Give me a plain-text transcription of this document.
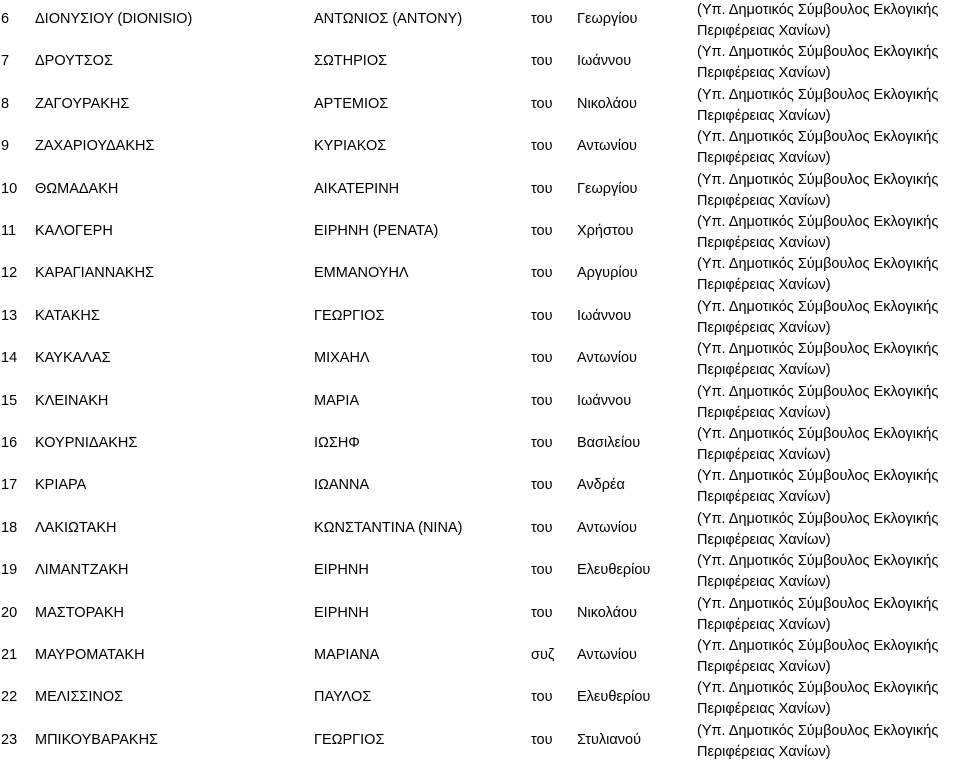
6 ΔΙΟΝΥΣΙΟΥ (DIONISIO)	ΑΝΤΩΝΙΟΣ (ΑΝΤΟΝΥ)	του Γεωργίου
(Υπ. Δημοτικός Σύμβουλος Εκλογικής
Περιφέρειας Χανίων)
7 ΔΡΟΥΤΣΟΣ	ΣΩΤΗΡΙΟΣ	του Ιωάννου
(Υπ. Δημοτικός Σύμβουλος Εκλογικής
Περιφέρειας Χανίων)
8 ΖΑΓΟΥΡΑΚΗΣ	ΑΡΤΕΜΙΟΣ	του Νικολάου
(Υπ. Δημοτικός Σύμβουλος Εκλογικής
Περιφέρειας Χανίων)
9 ΖΑΧΑΡΙΟΥΔΑΚΗΣ	ΚΥΡΙΑΚΟΣ	του Αντωνίου
(Υπ. Δημοτικός Σύμβουλος Εκλογικής
Περιφέρειας Χανίων)
10 ΘΩΜΑΔΑΚΗ	ΑΙΚΑΤΕΡΙΝΗ	του Γεωργίου
(Υπ. Δημοτικός Σύμβουλος Εκλογικής
Περιφέρειας Χανίων)
11 ΚΑΛΟΓΕΡΗ	ΕΙΡΗΝΗ (ΡΕΝΑΤΑ)	του Χρήστου
(Υπ. Δημοτικός Σύμβουλος Εκλογικής
Περιφέρειας Χανίων)
12 ΚΑΡΑΓΙΑΝΝΑΚΗΣ	ΕΜΜΑΝΟΥΗΛ	του Αργυρίου
(Υπ. Δημοτικός Σύμβουλος Εκλογικής
Περιφέρειας Χανίων)
13 ΚΑΤΑΚΗΣ	ΓΕΩΡΓΙΟΣ	του Ιωάννου
(Υπ. Δημοτικός Σύμβουλος Εκλογικής
Περιφέρειας Χανίων)
14 ΚΑΥΚΑΛΑΣ	ΜΙΧΑΗΛ	του Αντωνίου
(Υπ. Δημοτικός Σύμβουλος Εκλογικής
Περιφέρειας Χανίων)
15 ΚΛΕΙΝΑΚΗ	ΜΑΡΙΑ	του Ιωάννου
(Υπ. Δημοτικός Σύμβουλος Εκλογικής
Περιφέρειας Χανίων)
16 ΚΟΥΡΝΙΔΑΚΗΣ	ΙΩΣΗΦ	του Βασιλείου
(Υπ. Δημοτικός Σύμβουλος Εκλογικής
Περιφέρειας Χανίων)
17 ΚΡΙΑΡΑ	ΙΩΑΝΝΑ	του Ανδρέα
(Υπ. Δημοτικός Σύμβουλος Εκλογικής
Περιφέρειας Χανίων)
18 ΛΑΚΙΩΤΑΚΗ	ΚΩΝΣΤΑΝΤΙΝΑ (ΝΙΝΑ)	του Αντωνίου
(Υπ. Δημοτικός Σύμβουλος Εκλογικής
Περιφέρειας Χανίων)
19 ΛΙΜΑΝΤΖΑΚΗ	ΕΙΡΗΝΗ	του Ελευθερίου
(Υπ. Δημοτικός Σύμβουλος Εκλογικής
Περιφέρειας Χανίων)
20 ΜΑΣΤΟΡΑΚΗ	ΕΙΡΗΝΗ	του Νικολάου
(Υπ. Δημοτικός Σύμβουλος Εκλογικής
Περιφέρειας Χανίων)
21 ΜΑΥΡΟΜΑΤΑΚΗ	ΜΑΡΙΑΝΑ	συζ Αντωνίου
(Υπ. Δημοτικός Σύμβουλος Εκλογικής
Περιφέρειας Χανίων)
22 ΜΕΛΙΣΣΙΝΟΣ	ΠΑΥΛΟΣ	του Ελευθερίου
(Υπ. Δημοτικός Σύμβουλος Εκλογικής
Περιφέρειας Χανίων)
23 ΜΠΙΚΟΥΒΑΡΑΚΗΣ	ΓΕΩΡΓΙΟΣ	του Στυλιανού
(Υπ. Δημοτικός Σύμβουλος Εκλογικής
Περιφέρειας Χανίων)
